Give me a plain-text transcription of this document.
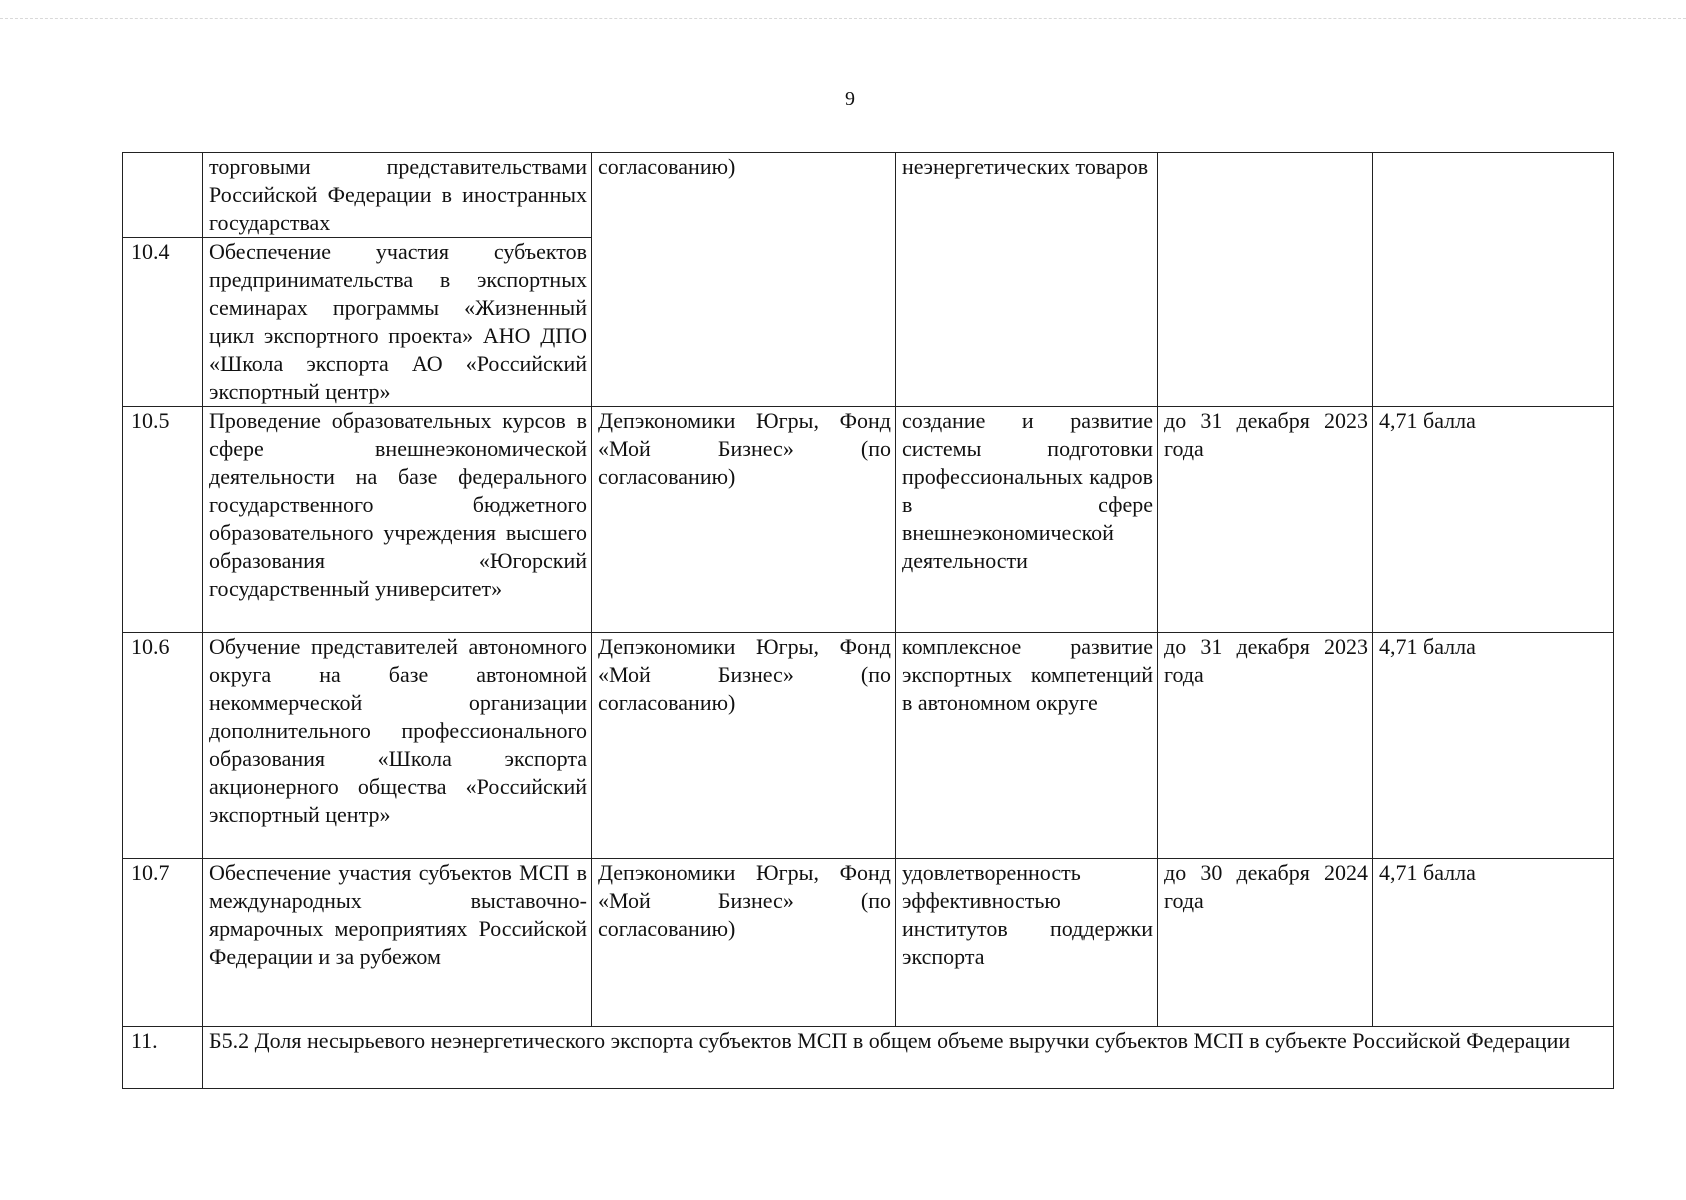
9
	торговыми представительствами Российской Федерации в иностранных государствах	согласованию)	неэнергетических товаров		
10.4	Обеспечение участия субъектов предпринимательства в экспортных семинарах программы «Жизненный цикл экспортного проекта» АНО ДПО «Школа экспорта АО «Российский экспортный центр»				
10.5	Проведение образовательных курсов в сфере внешнеэкономической деятельности на базе федерального государственного бюджетного образовательного учреждения высшего образования «Югорский государственный университет»	Депэкономики Югры, Фонд «Мой Бизнес» (по согласованию)	создание и развитие системы подготовки профессиональных кадров в сфере внешнеэкономической деятельности	до 31 декабря 2023 года	4,71 балла
10.6	Обучение представителей автономного округа на базе автономной некоммерческой организации дополнительного профессионального образования «Школа экспорта акционерного общества «Российский экспортный центр»	Депэкономики Югры, Фонд «Мой Бизнес» (по согласованию)	комплексное развитие экспортных компетенций в автономном округе	до 31 декабря 2023 года	4,71 балла
10.7	Обеспечение участия субъектов МСП в международных выставочно-ярмарочных мероприятиях Российской Федерации и за рубежом	Депэкономики Югры, Фонд «Мой Бизнес» (по согласованию)	удовлетворенность эффективностью институтов поддержки экспорта	до 30 декабря 2024 года	4,71 балла
11.	Б5.2 Доля несырьевого неэнергетического экспорта субъектов МСП в общем объеме выручки субъектов МСП в субъекте Российской Федерации				
